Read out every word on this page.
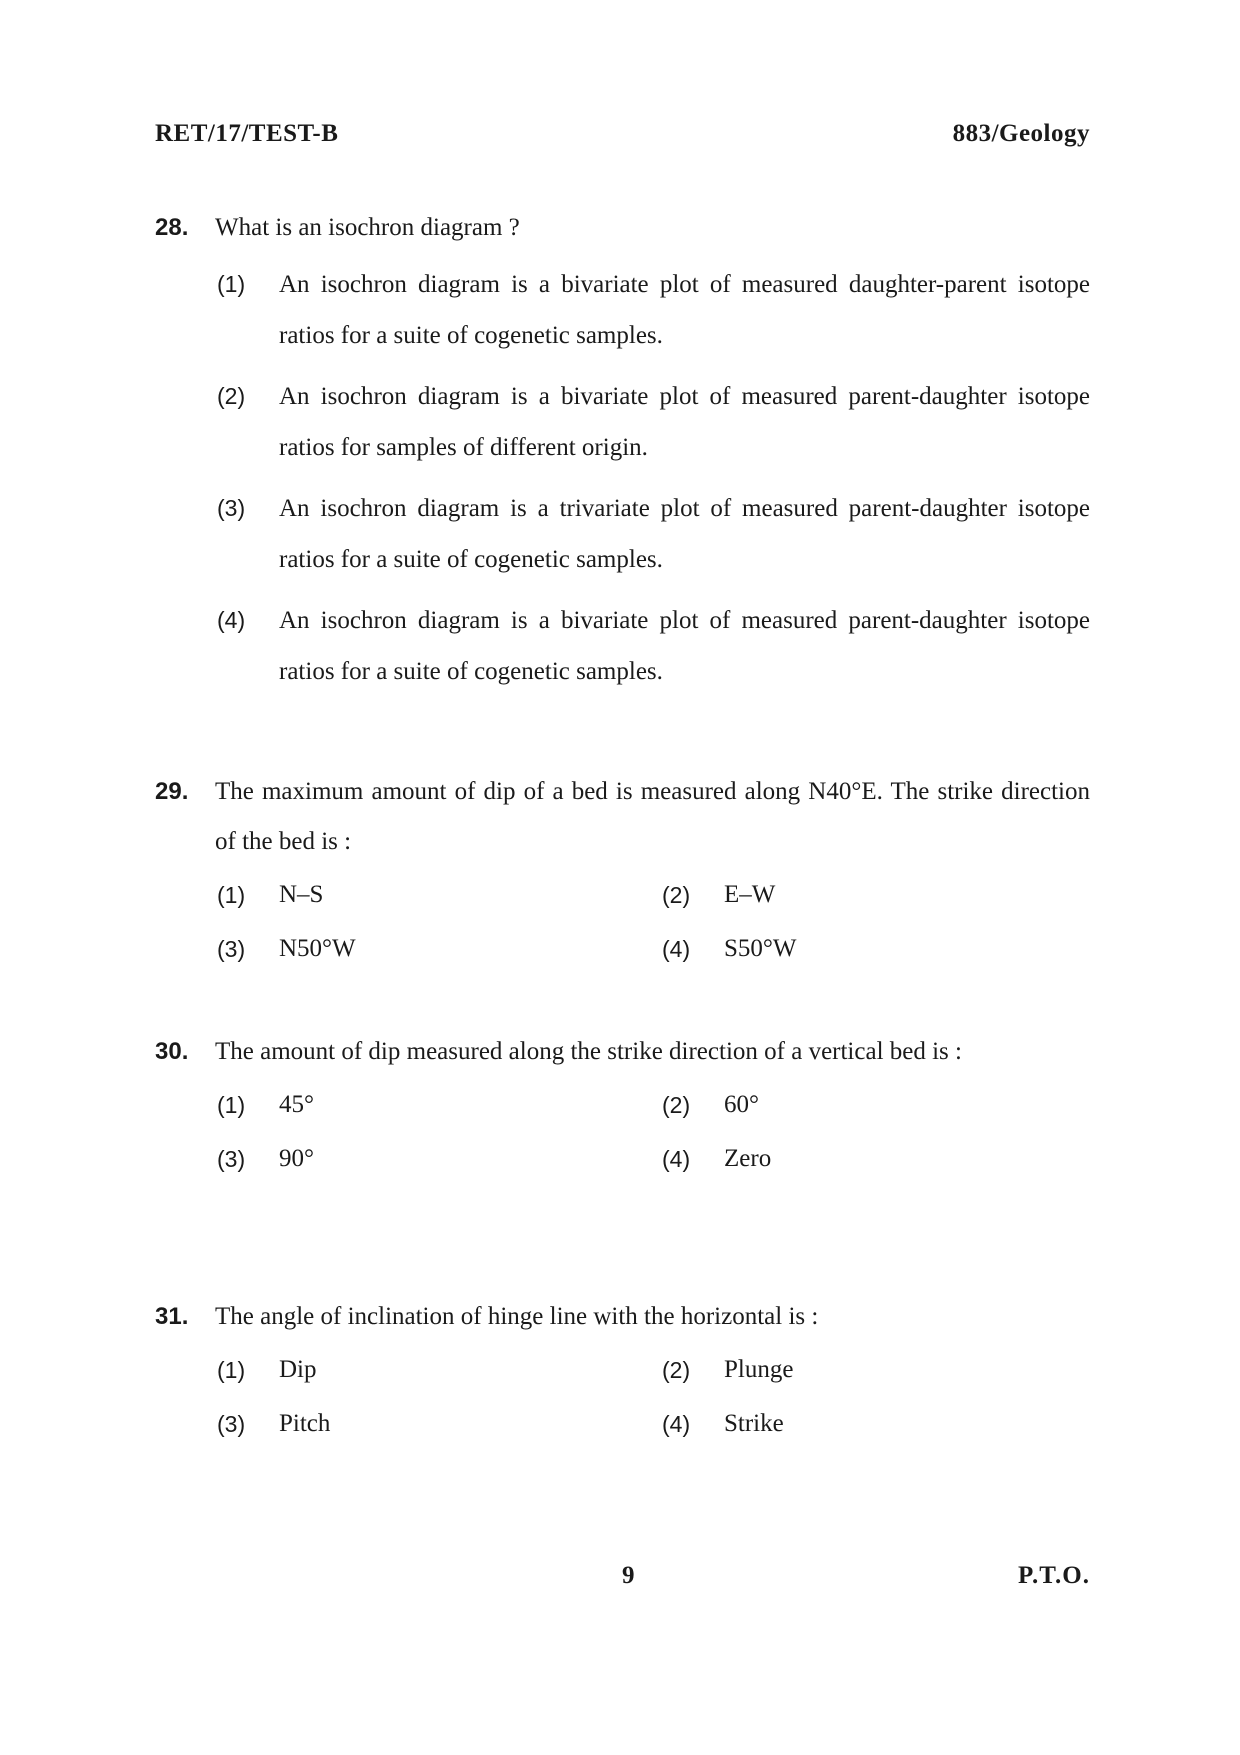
RET/17/TEST-B	883/Geology
28.	What is an isochron diagram ?
(1)	An isochron diagram is a bivariate plot of measured daughter-parent isotope ratios for a suite of cogenetic samples.
(2)	An isochron diagram is a bivariate plot of measured parent-daughter isotope ratios for samples of different origin.
(3)	An isochron diagram is a trivariate plot of measured parent-daughter isotope ratios for a suite of cogenetic samples.
(4)	An isochron diagram is a bivariate plot of measured parent-daughter isotope ratios for a suite of cogenetic samples.
29.	The maximum amount of dip of a bed is measured along N40°E. The strike direction of the bed is :
(1)	N–S	(2)	E–W
(3)	N50°W	(4)	S50°W
30.	The amount of dip measured along the strike direction of a vertical bed is :
(1)	45°	(2)	60°
(3)	90°	(4)	Zero
31.	The angle of inclination of hinge line with the horizontal is :
(1)	Dip	(2)	Plunge
(3)	Pitch	(4)	Strike
9	P.T.O.
